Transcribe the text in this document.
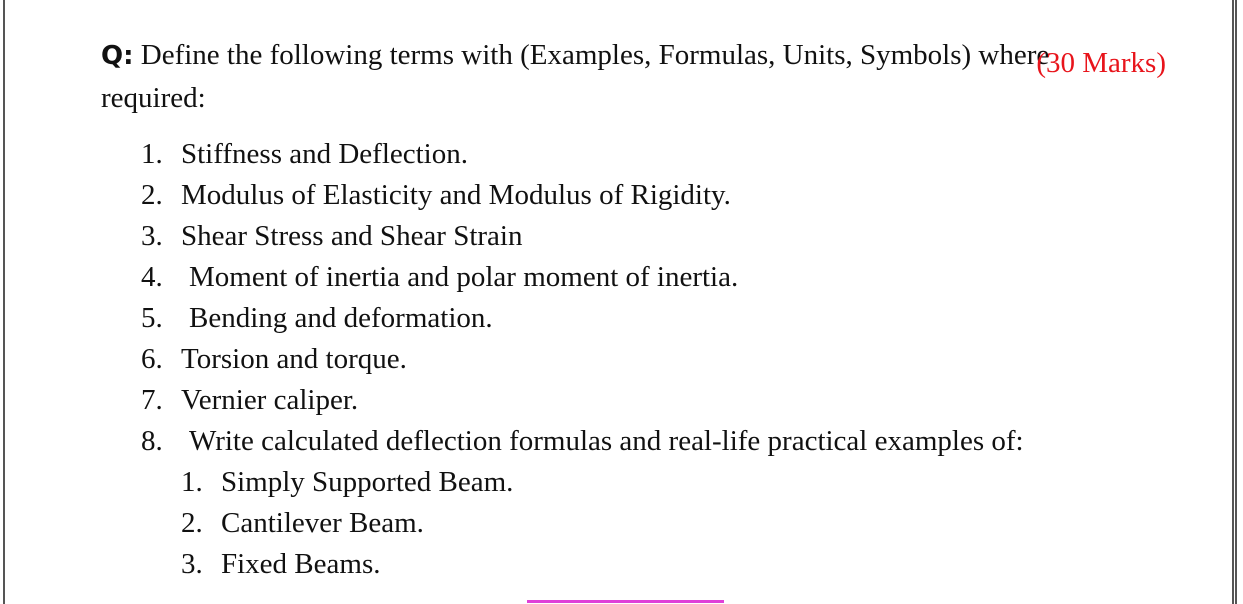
Q: Define the following terms with (Examples, Formulas, Units, Symbols) where
required:
(30 Marks)
1. Stiffness and Deflection.
2. Modulus of Elasticity and Modulus of Rigidity.
3. Shear Stress and Shear Strain
4. Moment of inertia and polar moment of inertia.
5. Bending and deformation.
6. Torsion and torque.
7. Vernier caliper.
8. Write calculated deflection formulas and real-life practical examples of:
1. Simply Supported Beam.
2. Cantilever Beam.
3. Fixed Beams.
